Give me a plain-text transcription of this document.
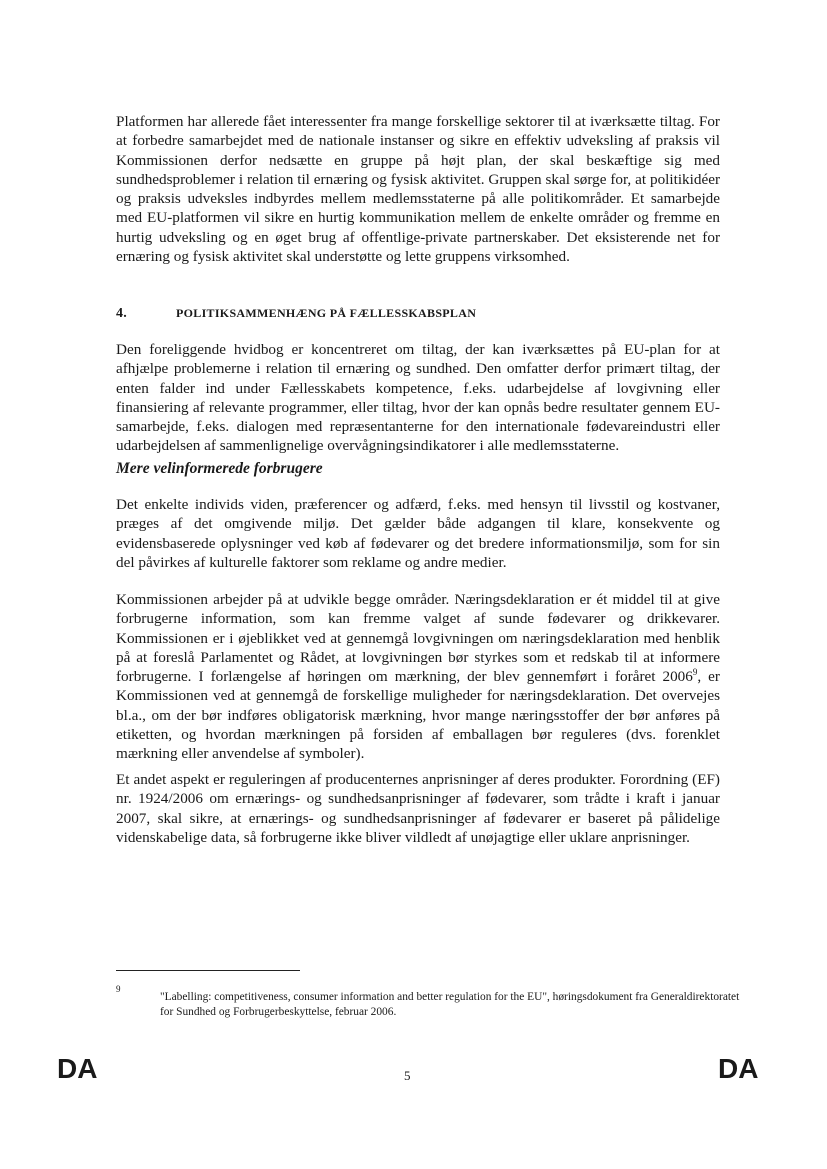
Platformen har allerede fået interessenter fra mange forskellige sektorer til at iværksætte tiltag. For at forbedre samarbejdet med de nationale instanser og sikre en effektiv udveksling af praksis vil Kommissionen derfor nedsætte en gruppe på højt plan, der skal beskæftige sig med sundhedsproblemer i relation til ernæring og fysisk aktivitet. Gruppen skal sørge for, at politikidéer og praksis udveksles indbyrdes mellem medlemsstaterne på alle politikområder. Et samarbejde med EU-platformen vil sikre en hurtig kommunikation mellem de enkelte områder og fremme en hurtig udveksling og en øget brug af offentlige-private partnerskaber. Det eksisterende net for ernæring og fysisk aktivitet skal understøtte og lette gruppens virksomhed.

4.	POLITIKSAMMENHÆNG PÅ FÆLLESSKABSPLAN

Den foreliggende hvidbog er koncentreret om tiltag, der kan iværksættes på EU-plan for at afhjælpe problemerne i relation til ernæring og sundhed. Den omfatter derfor primært tiltag, der enten falder ind under Fællesskabets kompetence, f.eks. udarbejdelse af lovgivning eller finansiering af relevante programmer, eller tiltag, hvor der kan opnås bedre resultater gennem EU-samarbejde, f.eks. dialogen med repræsentanterne for den internationale fødevareindustri eller udarbejdelsen af sammenlignelige overvågningsindikatorer i alle medlemsstaterne.

Mere velinformerede forbrugere

Det enkelte individs viden, præferencer og adfærd, f.eks. med hensyn til livsstil og kostvaner, præges af det omgivende miljø. Det gælder både adgangen til klare, konsekvente og evidensbaserede oplysninger ved køb af fødevarer og det bredere informationsmiljø, som for sin del påvirkes af kulturelle faktorer som reklame og andre medier.

Kommissionen arbejder på at udvikle begge områder. Næringsdeklaration er ét middel til at give forbrugerne information, som kan fremme valget af sunde fødevarer og drikkevarer. Kommissionen er i øjeblikket ved at gennemgå lovgivningen om næringsdeklaration med henblik på at foreslå Parlamentet og Rådet, at lovgivningen bør styrkes som et redskab til at informere forbrugerne. I forlængelse af høringen om mærkning, der blev gennemført i foråret 2006$^9$, er Kommissionen ved at gennemgå de forskellige muligheder for næringsdeklaration. Det overvejes bl.a., om der bør indføres obligatorisk mærkning, hvor mange næringsstoffer der bør anføres på etiketten, og hvordan mærkningen på forsiden af emballagen bør reguleres (dvs. forenklet mærkning eller anvendelse af symboler).

Et andet aspekt er reguleringen af producenternes anprisninger af deres produkter. Forordning (EF) nr. 1924/2006 om ernærings- og sundhedsanprisninger af fødevarer, som trådte i kraft i januar 2007, skal sikre, at ernærings- og sundhedsanprisninger af fødevarer er baseret på pålidelige videnskabelige data, så forbrugerne ikke bliver vildledt af unøjagtige eller uklare anprisninger.

9
"Labelling: competitiveness, consumer information and better regulation for the EU", høringsdokument fra Generaldirektoratet for Sundhed og Forbrugerbeskyttelse, februar 2006.
DA	5	DA
